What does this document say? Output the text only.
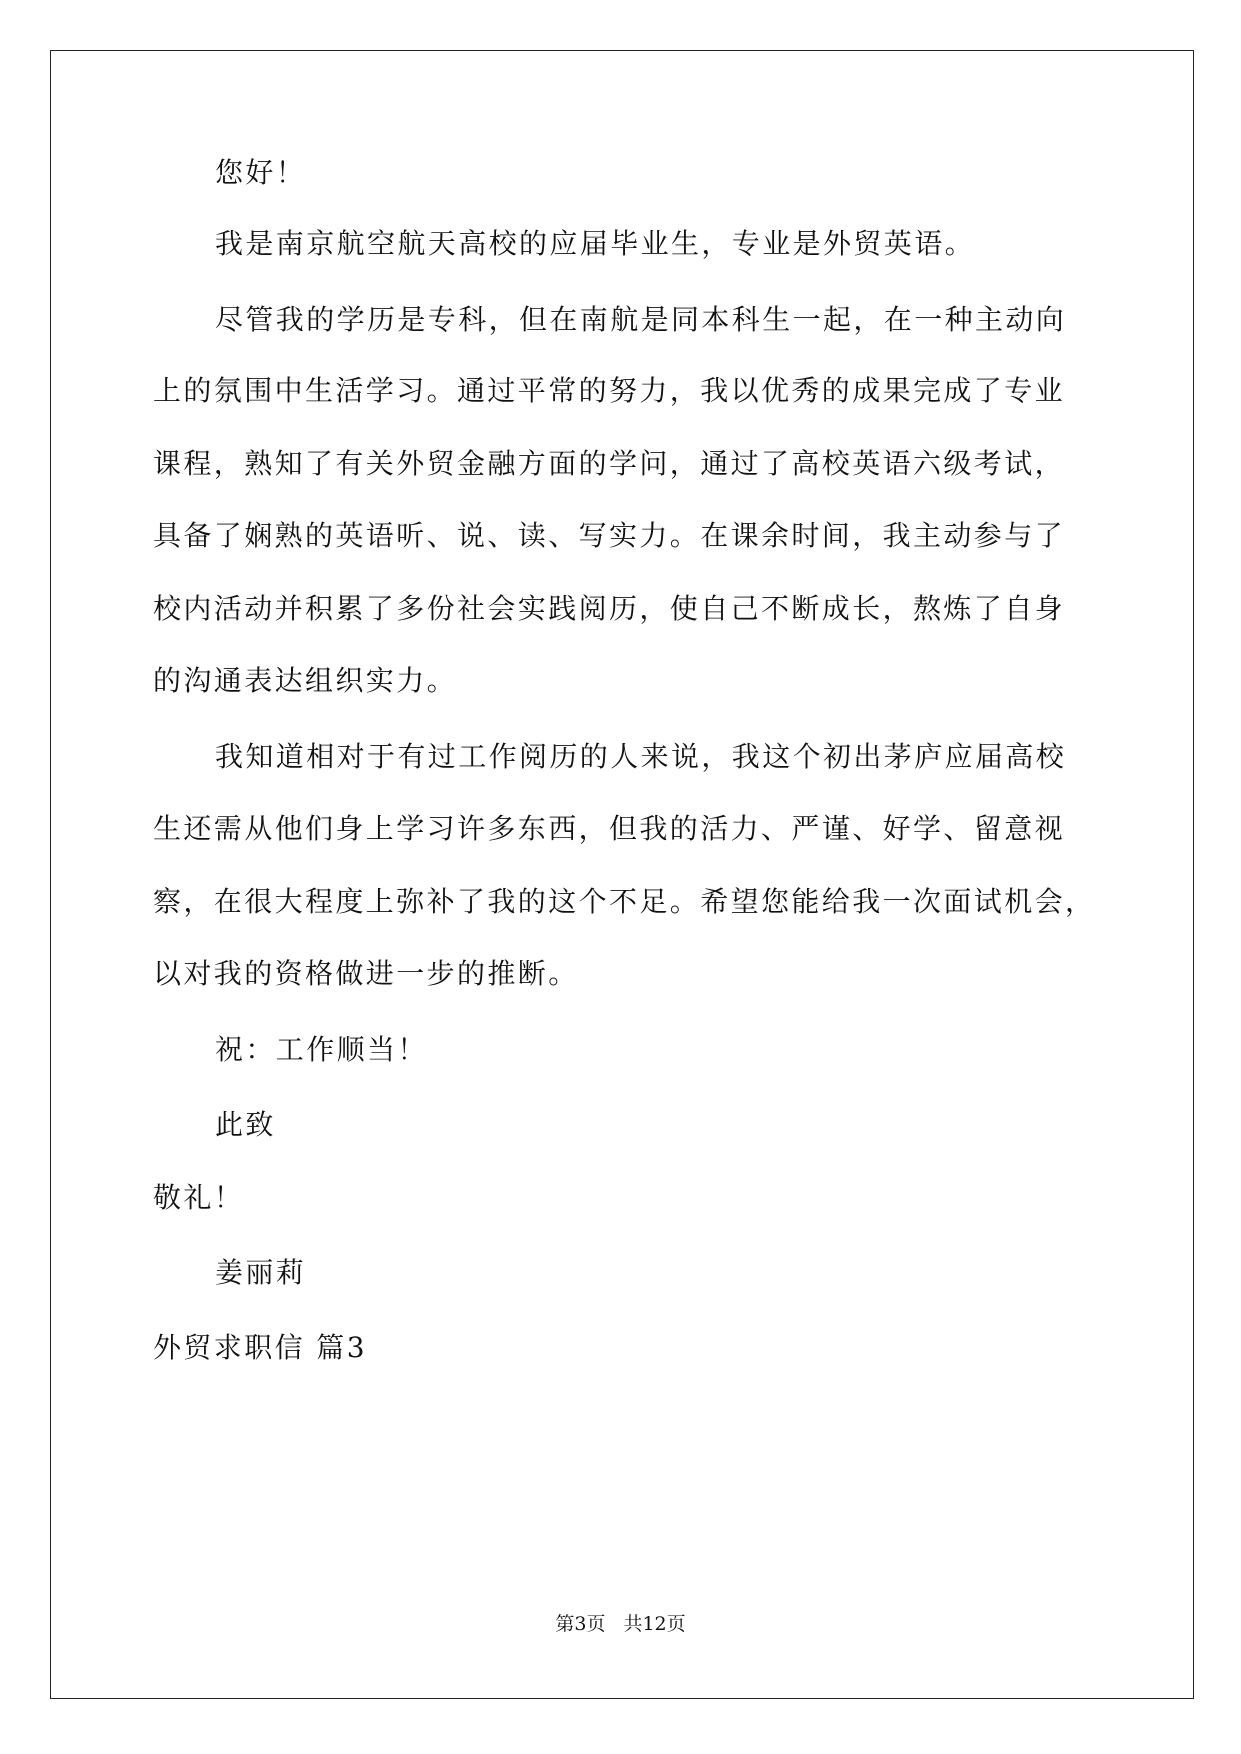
您好！
我是南京航空航天高校的应届毕业生，专业是外贸英语。
尽管我的学历是专科，但在南航是同本科生一起，在一种主动向
上的氛围中生活学习。通过平常的努力，我以优秀的成果完成了专业
课程，熟知了有关外贸金融方面的学问，通过了高校英语六级考试，
具备了娴熟的英语听、说、读、写实力。在课余时间，我主动参与了
校内活动并积累了多份社会实践阅历，使自己不断成长，熬炼了自身
的沟通表达组织实力。
我知道相对于有过工作阅历的人来说，我这个初出茅庐应届高校
生还需从他们身上学习许多东西，但我的活力、严谨、好学、留意视
察，在很大程度上弥补了我的这个不足。希望您能给我一次面试机会，
以对我的资格做进一步的推断。
祝：工作顺当！
此致
敬礼！
姜丽莉
外贸求职信 篇3
第3页 共12页
